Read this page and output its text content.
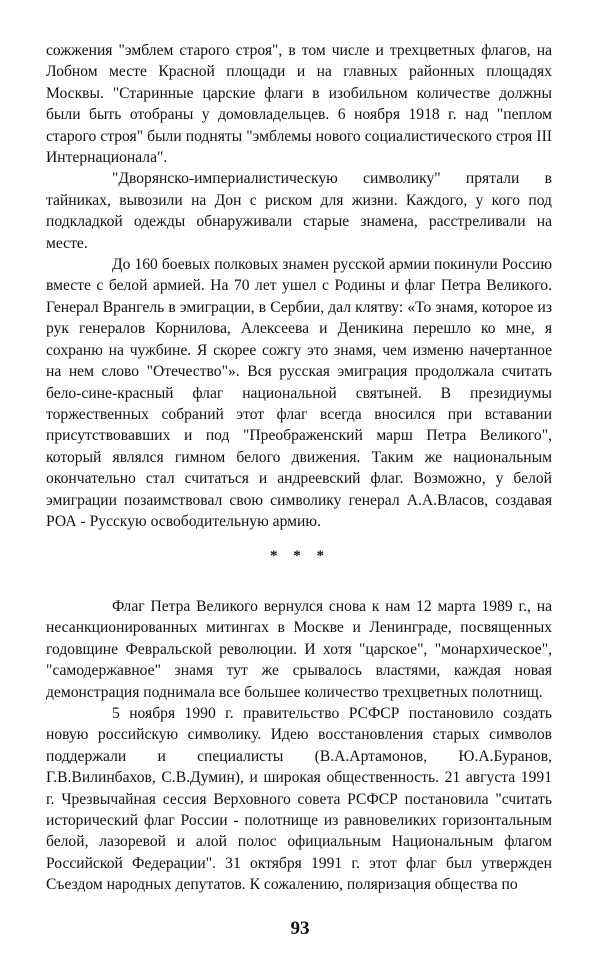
сожжения "эмблем старого строя", в том числе и трехцветных флагов, на Лобном месте Красной площади и на главных районных площадях Москвы. "Старинные царские флаги в изобильном количестве должны были быть отобраны у домовладельцев. 6 ноября 1918 г. над "пеплом старого строя" были подняты "эмблемы нового социалистического строя III Интернационала".

"Дворянско-империалистическую символику" прятали в тайниках, вывозили на Дон с риском для жизни. Каждого, у кого под подкладкой одежды обнаруживали старые знамена, расстреливали на месте.

До 160 боевых полковых знамен русской армии покинули Россию вместе с белой армией. На 70 лет ушел с Родины и флаг Петра Великого. Генерал Врангель в эмиграции, в Сербии, дал клятву: «То знамя, которое из рук генералов Корнилова, Алексеева и Деникина перешло ко мне, я сохраню на чужбине. Я скорее сожгу это знамя, чем изменю начертанное на нем слово "Отечество"». Вся русская эмиграция продолжала считать бело-сине-красный флаг национальной святыней. В президиумы торжественных собраний этот флаг всегда вносился при вставании присутствовавших и под "Преображенский марш Петра Великого", который являлся гимном белого движения. Таким же национальным окончательно стал считаться и андреевский флаг. Возможно, у белой эмиграции позаимствовал свою символику генерал А.А.Власов, создавая РОА - Русскую освободительную армию.

* * *

Флаг Петра Великого вернулся снова к нам 12 марта 1989 г., на несанкционированных митингах в Москве и Ленинграде, посвященных годовщине Февральской революции. И хотя "царское", "монархическое", "самодержавное" знамя тут же срывалось властями, каждая новая демонстрация поднимала все большее количество трехцветных полотнищ.

5 ноября 1990 г. правительство РСФСР постановило создать новую российскую символику. Идею восстановления старых символов поддержали и специалисты (В.А.Артамонов, Ю.А.Буранов, Г.В.Вилинбахов, С.В.Думин), и широкая общественность. 21 августа 1991 г. Чрезвычайная сессия Верховного совета РСФСР постановила "считать исторический флаг России - полотнище из равновеликих горизонтальным белой, лазоревой и алой полос официальным Национальным флагом Российской Федерации". 31 октября 1991 г. этот флаг был утвержден Съездом народных депутатов. К сожалению, поляризация общества по

93
